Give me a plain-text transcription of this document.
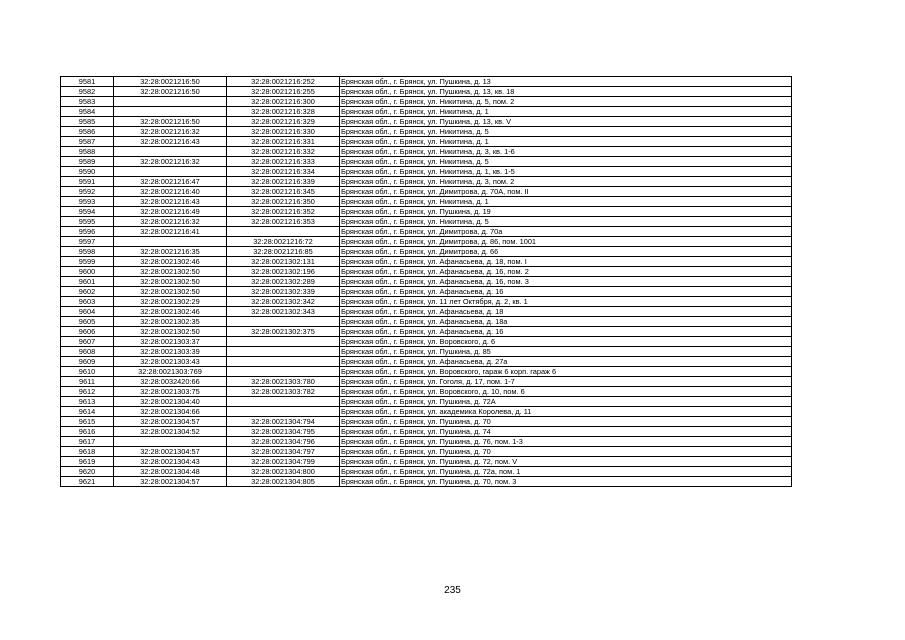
9581	32:28:0021216:50	32:28:0021216:252	Брянская обл., г. Брянск, ул. Пушкина, д. 13
9582	32:28:0021216:50	32:28:0021216:255	Брянская обл., г. Брянск, ул. Пушкина, д. 13, кв. 18
9583		32:28:0021216:300	Брянская обл., г. Брянск, ул. Никитина, д. 5, пом. 2
9584		32:28:0021216:328	Брянская обл., г. Брянск, ул. Никитина, д. 1
9585	32:28:0021216:50	32:28:0021216:329	Брянская обл., г. Брянск, ул. Пушкина, д. 13, кв. V
9586	32:28:0021216:32	32:28:0021216:330	Брянская обл., г. Брянск, ул. Никитина, д. 5
9587	32:28:0021216:43	32:28:0021216:331	Брянская обл., г. Брянск, ул. Никитина, д. 1
9588		32:28:0021216:332	Брянская обл., г. Брянск, ул. Никитина, д. 3, кв. 1-6
9589	32:28:0021216:32	32:28:0021216:333	Брянская обл., г. Брянск, ул. Никитина, д. 5
9590		32:28:0021216:334	Брянская обл., г. Брянск, ул. Никитина, д. 1, кв. 1-5
9591	32:28:0021216:47	32:28:0021216:339	Брянская обл., г. Брянск, ул. Никитина, д. 3, пом. 2
9592	32:28:0021216:40	32:28:0021216:345	Брянская обл., г. Брянск, ул. Димитрова, д. 70А, пом. II
9593	32:28:0021216:43	32:28:0021216:350	Брянская обл., г. Брянск, ул. Никитина, д. 1
9594	32:28:0021216:49	32:28:0021216:352	Брянская обл., г. Брянск, ул. Пушкина, д. 19
9595	32:28:0021216:32	32:28:0021216:353	Брянская обл., г. Брянск, ул. Никитина, д. 5
9596	32:28:0021216:41		Брянская обл., г. Брянск, ул. Димитрова, д. 70а
9597		32:28:0021216:72	Брянская обл., г. Брянск, ул. Димитрова, д. 86, пом. 1001
9598	32:28:0021216:35	32:28:0021216:85	Брянская обл., г. Брянск, ул. Димитрова, д. 66
9599	32:28:0021302:46	32:28:0021302:131	Брянская обл., г. Брянск, ул. Афанасьева, д. 18, пом. I
9600	32:28:0021302:50	32:28:0021302:196	Брянская обл., г. Брянск, ул. Афанасьева, д. 16, пом. 2
9601	32:28:0021302:50	32:28:0021302:289	Брянская обл., г. Брянск, ул. Афанасьева, д. 16, пом. 3
9602	32:28:0021302:50	32:28:0021302:339	Брянская обл., г. Брянск, ул. Афанасьева, д. 16
9603	32:28:0021302:29	32:28:0021302:342	Брянская обл., г. Брянск, ул. 11 лет Октября, д. 2, кв. 1
9604	32:28:0021302:46	32:28:0021302:343	Брянская обл., г. Брянск, ул. Афанасьева, д. 18
9605	32:28:0021302:35		Брянская обл., г. Брянск, ул. Афанасьева, д. 18а
9606	32:28:0021302:50	32:28:0021302:375	Брянская обл., г. Брянск, ул. Афанасьева, д. 16
9607	32:28:0021303:37		Брянская обл., г. Брянск, ул. Воровского, д. 6
9608	32:28:0021303:39		Брянская обл., г. Брянск, ул. Пушкина, д. 85
9609	32:28:0021303:43		Брянская обл., г. Брянск, ул. Афанасьева, д. 27а
9610	32:28:0021303:769		Брянская обл., г. Брянск, ул. Воровского, гараж 6 корп. гараж 6
9611	32:28:0032420:66	32:28:0021303:780	Брянская обл., г. Брянск, ул. Гоголя, д. 17, пом. 1-7
9612	32:28:0021303:75	32:28:0021303:782	Брянская обл., г. Брянск, ул. Воровского, д. 10, пом. 6
9613	32:28:0021304:40		Брянская обл., г. Брянск, ул. Пушкина, д. 72А
9614	32:28:0021304:66		Брянская обл., г. Брянск, ул. академика Королева, д. 11
9615	32:28:0021304:57	32:28:0021304:794	Брянская обл., г. Брянск, ул. Пушкина, д. 70
9616	32:28:0021304:52	32:28:0021304:795	Брянская обл., г. Брянск, ул. Пушкина, д. 74
9617		32:28:0021304:796	Брянская обл., г. Брянск, ул. Пушкина, д. 76, пом. 1-3
9618	32:28:0021304:57	32:28:0021304:797	Брянская обл., г. Брянск, ул. Пушкина, д. 70
9619	32:28:0021304:43	32:28:0021304:799	Брянская обл., г. Брянск, ул. Пушкина, д. 72, пом. V
9620	32:28:0021304:48	32:28:0021304:800	Брянская обл., г. Брянск, ул. Пушкина, д. 72а, пом. 1
9621	32:28:0021304:57	32:28:0021304:805	Брянская обл., г. Брянск, ул. Пушкина, д. 70, пом. 3
235
